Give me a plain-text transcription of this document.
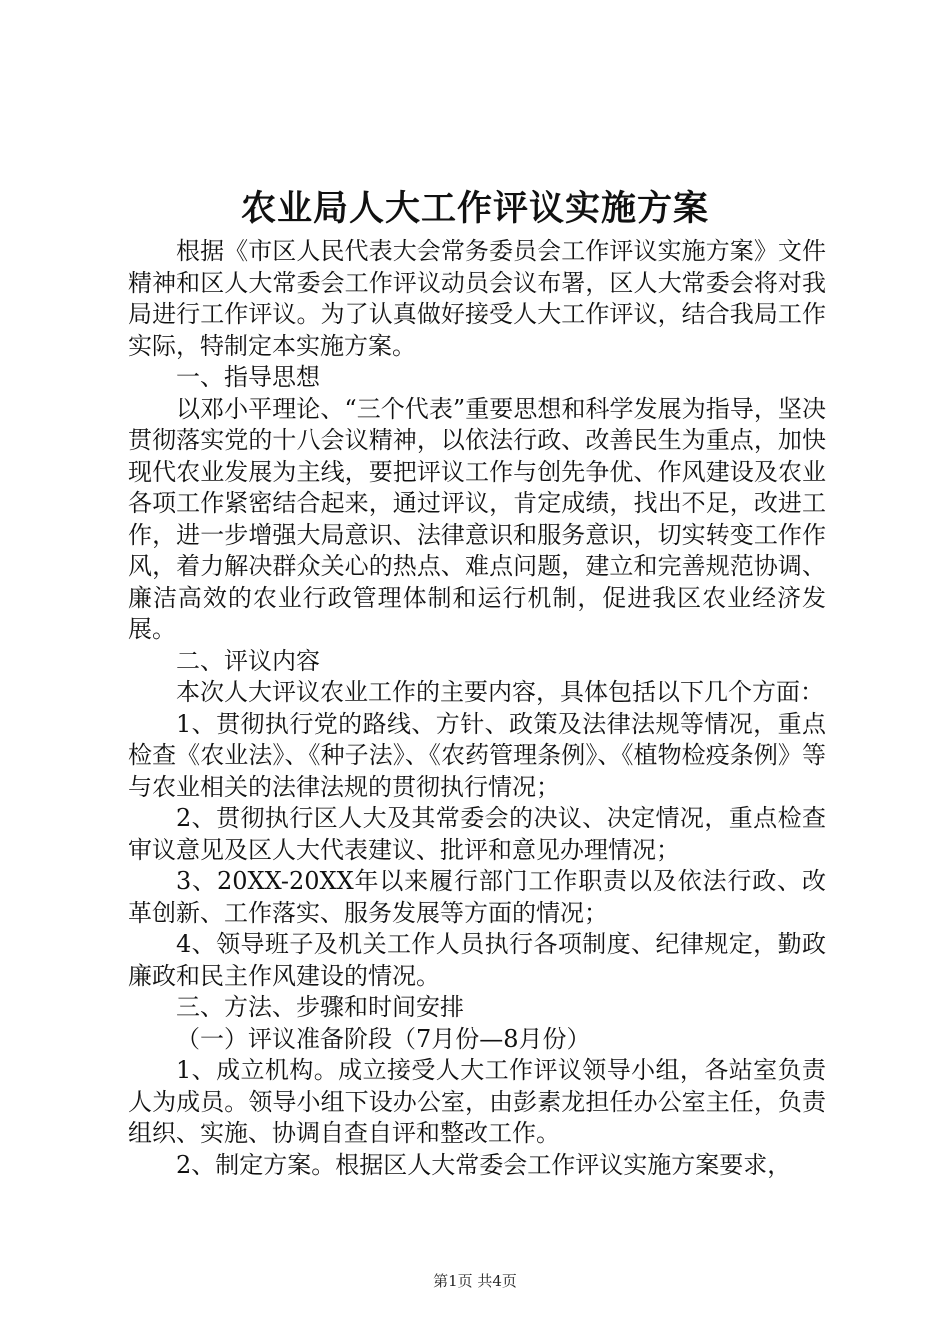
农业局人大工作评议实施方案

根据《市区人民代表大会常务委员会工作评议实施方案》文件精神和区人大常委会工作评议动员会议布署，区人大常委会将对我局进行工作评议。为了认真做好接受人大工作评议，结合我局工作实际，特制定本实施方案。

一、指导思想

以邓小平理论、“三个代表”重要思想和科学发展为指导，坚决贯彻落实党的十八会议精神，以依法行政、改善民生为重点，加快现代农业发展为主线，要把评议工作与创先争优、作风建设及农业各项工作紧密结合起来，通过评议，肯定成绩，找出不足，改进工作，进一步增强大局意识、法律意识和服务意识，切实转变工作作风，着力解决群众关心的热点、难点问题，建立和完善规范协调、廉洁高效的农业行政管理体制和运行机制，促进我区农业经济发展。

二、评议内容

本次人大评议农业工作的主要内容，具体包括以下几个方面：

1、贯彻执行党的路线、方针、政策及法律法规等情况，重点检查《农业法》、《种子法》、《农药管理条例》、《植物检疫条例》等与农业相关的法律法规的贯彻执行情况；

2、贯彻执行区人大及其常委会的决议、决定情况，重点检查审议意见及区人大代表建议、批评和意见办理情况；

3、20XX-20XX年以来履行部门工作职责以及依法行政、改革创新、工作落实、服务发展等方面的情况；

4、领导班子及机关工作人员执行各项制度、纪律规定，勤政廉政和民主作风建设的情况。

三、方法、步骤和时间安排

（一）评议准备阶段（7月份—8月份）

1、成立机构。成立接受人大工作评议领导小组，各站室负责人为成员。领导小组下设办公室，由彭素龙担任办公室主任，负责组织、实施、协调自查自评和整改工作。

2、制定方案。根据区人大常委会工作评议实施方案要求，

第1页 共4页
